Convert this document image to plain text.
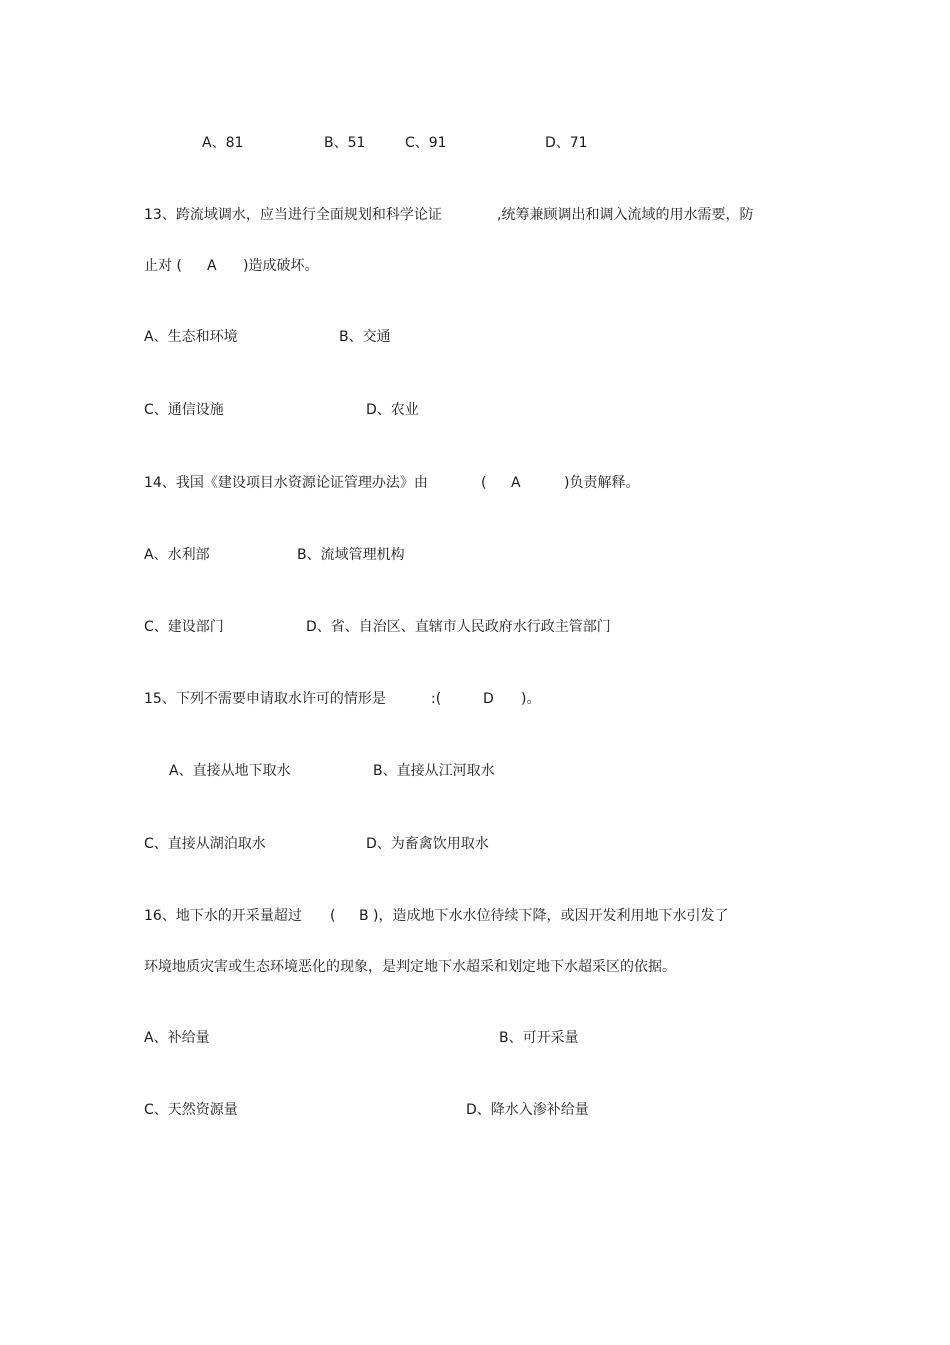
A、81	B、51	C、91	D、71
13、跨流域调水，应当进行全面规划和科学论证	,统筹兼顾调出和调入流域的用水需要，防
止对 ( A )造成破坏。
A、生态和环境	B、交通
C、通信设施	D、农业
14、我国《建设项目水资源论证管理办法》由	( A	)负责解释。
A、水利部	B、流域管理机构
C、建设部门	D、省、自治区、直辖市人民政府水行政主管部门
15、下列不需要申请取水许可的情形是	:(	D )。
A、直接从地下取水	B、直接从江河取水
C、直接从湖泊取水	D、为畜禽饮用取水
16、地下水的开采量超过 ( B )，造成地下水水位待续下降，或因开发利用地下水引发了
环境地质灾害或生态环境恶化的现象，是判定地下水超采和划定地下水超采区的依据。
A、补给量	B、可开采量
C、天然资源量	D、降水入渗补给量
